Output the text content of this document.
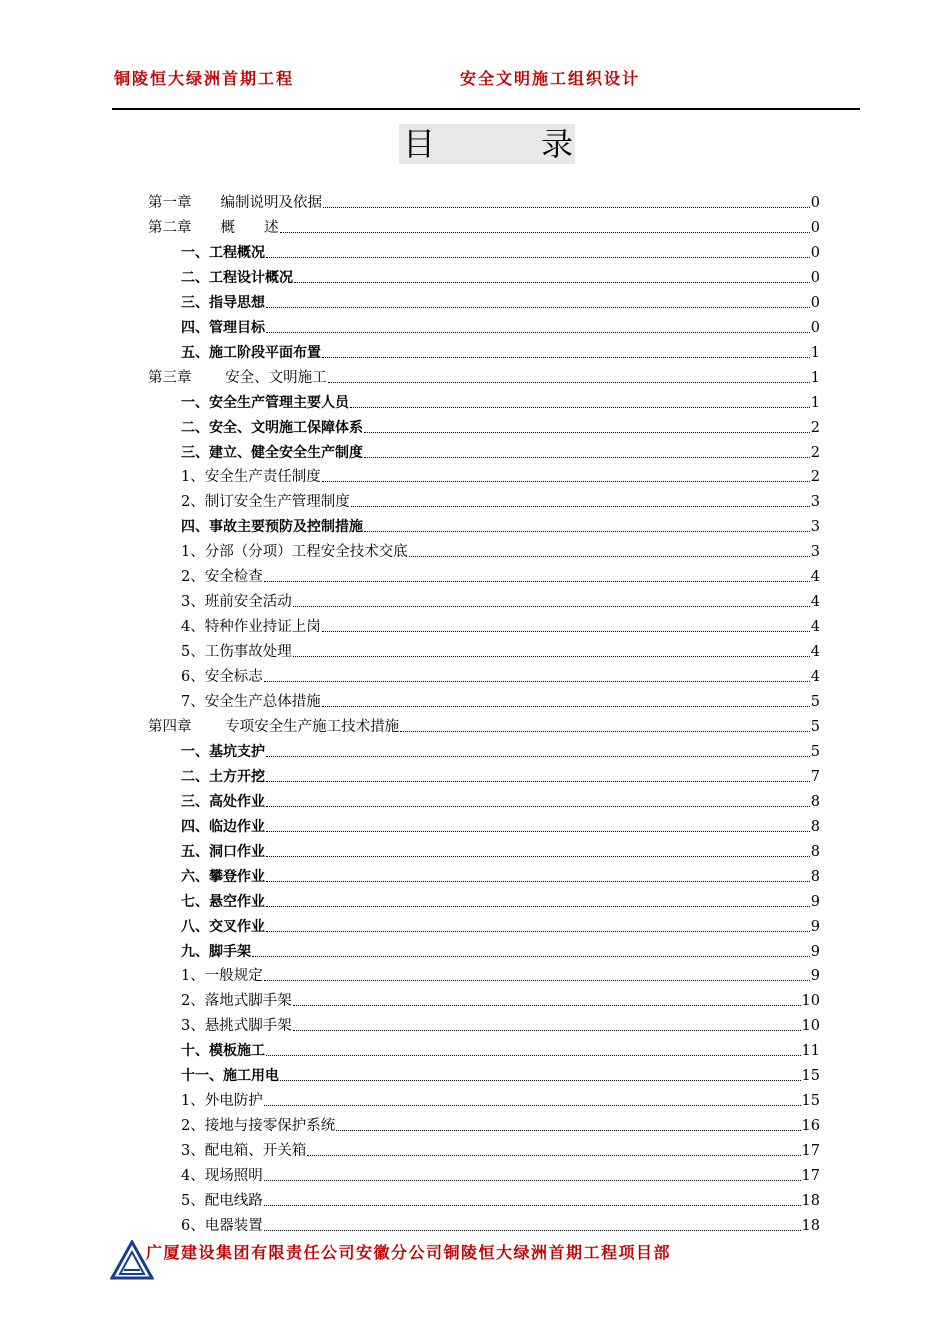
铜陵恒大绿洲首期工程	安全文明施工组织设计
目	录
第一章　　编制说明及依据	0
第二章　　概　　述	0
一、工程概况	0
二、工程设计概况	0
三、指导思想	0
四、管理目标	0
五、施工阶段平面布置	1
第三章　　 安全、文明施工	1
一、安全生产管理主要人员	1
二、安全、文明施工保障体系	2
三、建立、健全安全生产制度	2
1、安全生产责任制度	2
2、制订安全生产管理制度	3
四、事故主要预防及控制措施	3
1、分部（分项）工程安全技术交底	3
2、安全检查	4
3、班前安全活动	4
4、特种作业持证上岗	4
5、工伤事故处理	4
6、安全标志	4
7、安全生产总体措施	5
第四章　　 专项安全生产施工技术措施	5
一、基坑支护	5
二、土方开挖	7
三、高处作业	8
四、临边作业	8
五、洞口作业	8
六、攀登作业	8
七、悬空作业	9
八、交叉作业	9
九、脚手架	9
1、一般规定	9
2、落地式脚手架	10
3、悬挑式脚手架	10
十、模板施工	11
十一、施工用电	15
1、外电防护	15
2、接地与接零保护系统	16
3、配电箱、开关箱	17
4、现场照明	17
5、配电线路	18
6、电器装置	18
广厦建设集团有限责任公司安徽分公司铜陵恒大绿洲首期工程项目部
